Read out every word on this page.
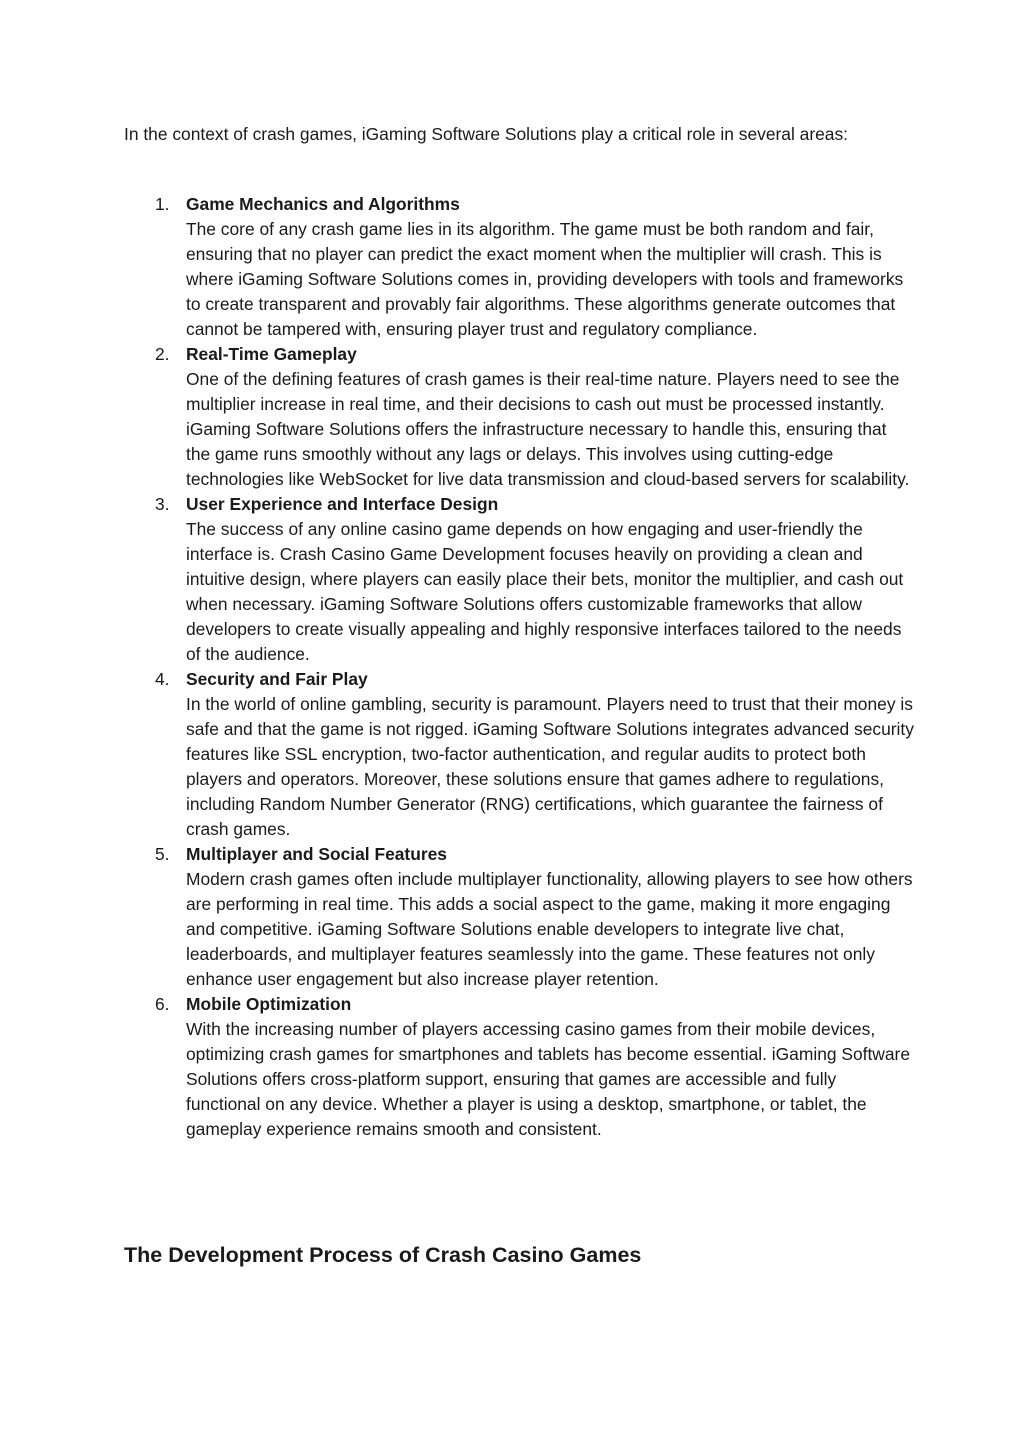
In the context of crash games, iGaming Software Solutions play a critical role in several areas:

1. Game Mechanics and Algorithms
The core of any crash game lies in its algorithm. The game must be both random and fair, ensuring that no player can predict the exact moment when the multiplier will crash. This is where iGaming Software Solutions comes in, providing developers with tools and frameworks to create transparent and provably fair algorithms. These algorithms generate outcomes that cannot be tampered with, ensuring player trust and regulatory compliance.
2. Real-Time Gameplay
One of the defining features of crash games is their real-time nature. Players need to see the multiplier increase in real time, and their decisions to cash out must be processed instantly. iGaming Software Solutions offers the infrastructure necessary to handle this, ensuring that the game runs smoothly without any lags or delays. This involves using cutting-edge technologies like WebSocket for live data transmission and cloud-based servers for scalability.
3. User Experience and Interface Design
The success of any online casino game depends on how engaging and user-friendly the interface is. Crash Casino Game Development focuses heavily on providing a clean and intuitive design, where players can easily place their bets, monitor the multiplier, and cash out when necessary. iGaming Software Solutions offers customizable frameworks that allow developers to create visually appealing and highly responsive interfaces tailored to the needs of the audience.
4. Security and Fair Play
In the world of online gambling, security is paramount. Players need to trust that their money is safe and that the game is not rigged. iGaming Software Solutions integrates advanced security features like SSL encryption, two-factor authentication, and regular audits to protect both players and operators. Moreover, these solutions ensure that games adhere to regulations, including Random Number Generator (RNG) certifications, which guarantee the fairness of crash games.
5. Multiplayer and Social Features
Modern crash games often include multiplayer functionality, allowing players to see how others are performing in real time. This adds a social aspect to the game, making it more engaging and competitive. iGaming Software Solutions enable developers to integrate live chat, leaderboards, and multiplayer features seamlessly into the game. These features not only enhance user engagement but also increase player retention.
6. Mobile Optimization
With the increasing number of players accessing casino games from their mobile devices, optimizing crash games for smartphones and tablets has become essential. iGaming Software Solutions offers cross-platform support, ensuring that games are accessible and fully functional on any device. Whether a player is using a desktop, smartphone, or tablet, the gameplay experience remains smooth and consistent.
The Development Process of Crash Casino Games
